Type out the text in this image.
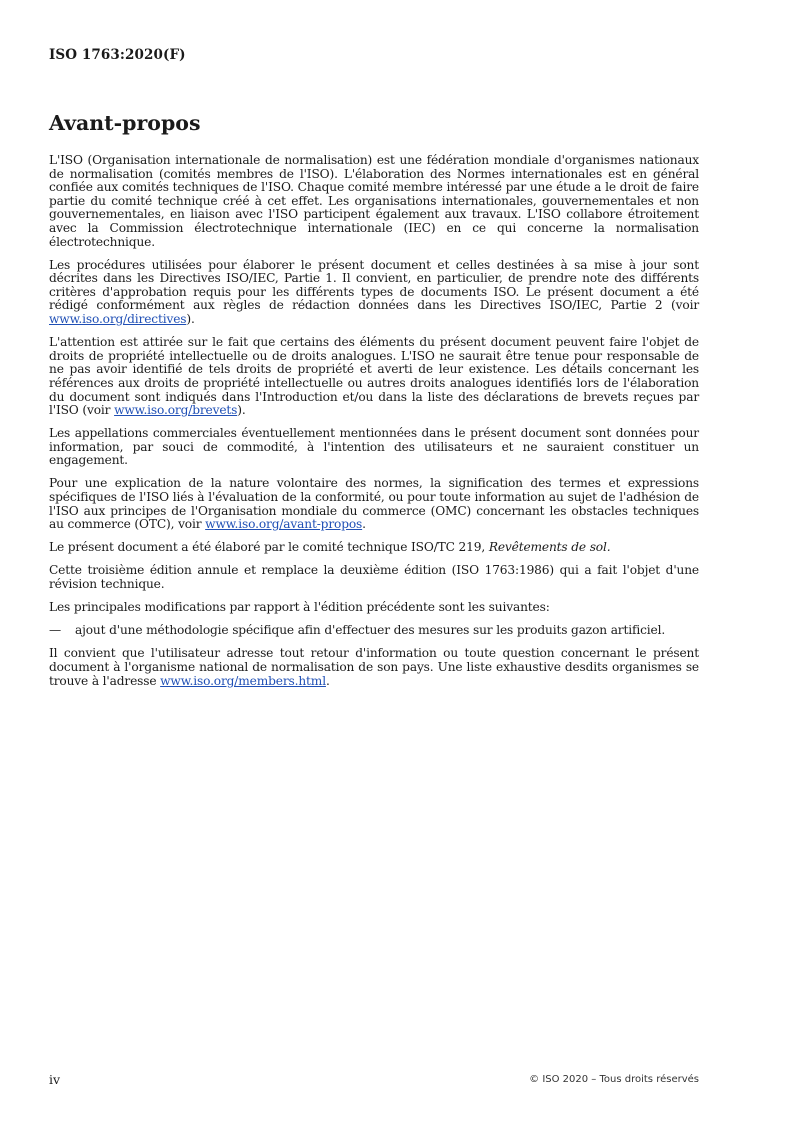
ISO 1763:2020(F)
Avant-propos

L'ISO (Organisation internationale de normalisation) est une fédération mondiale d'organismes nationaux de normalisation (comités membres de l'ISO). L'élaboration des Normes internationales est en général confiée aux comités techniques de l'ISO. Chaque comité membre intéressé par une étude a le droit de faire partie du comité technique créé à cet effet. Les organisations internationales, gouvernementales et non gouvernementales, en liaison avec l'ISO participent également aux travaux. L'ISO collabore étroitement avec la Commission électrotechnique internationale (IEC) en ce qui concerne la normalisation électrotechnique.

Les procédures utilisées pour élaborer le présent document et celles destinées à sa mise à jour sont décrites dans les Directives ISO/IEC, Partie 1. Il convient, en particulier, de prendre note des différents critères d'approbation requis pour les différents types de documents ISO. Le présent document a été rédigé conformément aux règles de rédaction données dans les Directives ISO/IEC, Partie 2 (voir www.iso.org/directives).

L'attention est attirée sur le fait que certains des éléments du présent document peuvent faire l'objet de droits de propriété intellectuelle ou de droits analogues. L'ISO ne saurait être tenue pour responsable de ne pas avoir identifié de tels droits de propriété et averti de leur existence. Les détails concernant les références aux droits de propriété intellectuelle ou autres droits analogues identifiés lors de l'élaboration du document sont indiqués dans l'Introduction et/ou dans la liste des déclarations de brevets reçues par l'ISO (voir www.iso.org/brevets).

Les appellations commerciales éventuellement mentionnées dans le présent document sont données pour information, par souci de commodité, à l'intention des utilisateurs et ne sauraient constituer un engagement.

Pour une explication de la nature volontaire des normes, la signification des termes et expressions spécifiques de l'ISO liés à l'évaluation de la conformité, ou pour toute information au sujet de l'adhésion de l'ISO aux principes de l'Organisation mondiale du commerce (OMC) concernant les obstacles techniques au commerce (OTC), voir www.iso.org/avant-propos.

Le présent document a été élaboré par le comité technique ISO/TC 219, Revêtements de sol.

Cette troisième édition annule et remplace la deuxième édition (ISO 1763:1986) qui a fait l'objet d'une révision technique.

Les principales modifications par rapport à l'édition précédente sont les suivantes:

—	ajout d'une méthodologie spécifique afin d'effectuer des mesures sur les produits gazon artificiel.

Il convient que l'utilisateur adresse tout retour d'information ou toute question concernant le présent document à l'organisme national de normalisation de son pays. Une liste exhaustive desdits organismes se trouve à l'adresse www.iso.org/members.html.

iv	© ISO 2020 – Tous droits réservés
